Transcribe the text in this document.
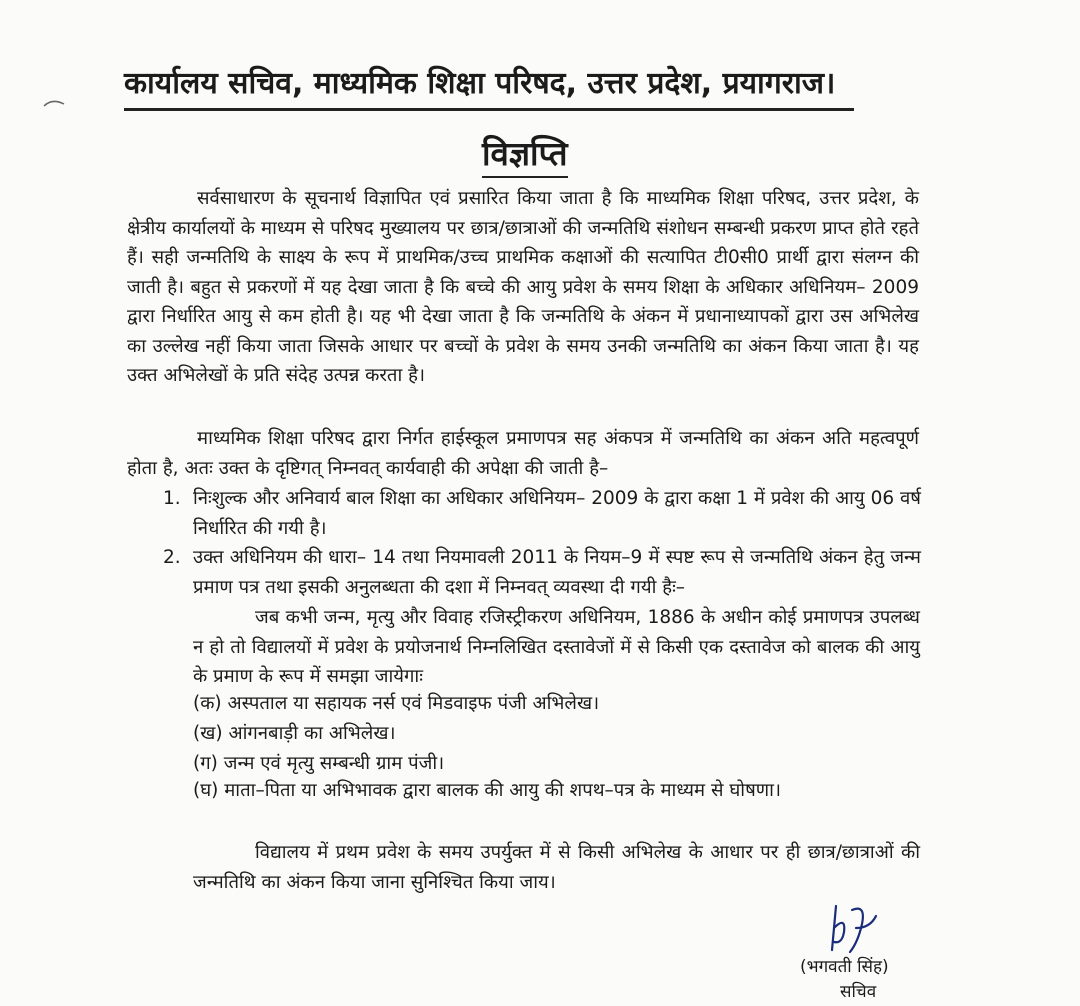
कार्यालय सचिव, माध्यमिक शिक्षा परिषद, उत्तर प्रदेश, प्रयागराज।
विज्ञप्ति
सर्वसाधारण के सूचनार्थ विज्ञापित एवं प्रसारित किया जाता है कि माध्यमिक शिक्षा परिषद, उत्तर प्रदेश, के क्षेत्रीय कार्यालयों के माध्यम से परिषद मुख्यालय पर छात्र/छात्राओं की जन्मतिथि संशोधन सम्बन्धी प्रकरण प्राप्त होते रहते हैं। सही जन्मतिथि के साक्ष्य के रूप में प्राथमिक/उच्च प्राथमिक कक्षाओं की सत्यापित टी0सी0 प्रार्थी द्वारा संलग्न की जाती है। बहुत से प्रकरणों में यह देखा जाता है कि बच्चे की आयु प्रवेश के समय शिक्षा के अधिकार अधिनियम– 2009 द्वारा निर्धारित आयु से कम होती है। यह भी देखा जाता है कि जन्मतिथि के अंकन में प्रधानाध्यापकों द्वारा उस अभिलेख का उल्लेख नहीं किया जाता जिसके आधार पर बच्चों के प्रवेश के समय उनकी जन्मतिथि का अंकन किया जाता है। यह उक्त अभिलेखों के प्रति संदेह उत्पन्न करता है।
माध्यमिक शिक्षा परिषद द्वारा निर्गत हाईस्कूल प्रमाणपत्र सह अंकपत्र में जन्मतिथि का अंकन अति महत्वपूर्ण होता है, अतः उक्त के दृष्टिगत् निम्नवत् कार्यवाही की अपेक्षा की जाती है–
1. निःशुल्क और अनिवार्य बाल शिक्षा का अधिकार अधिनियम– 2009 के द्वारा कक्षा 1 में प्रवेश की आयु 06 वर्ष निर्धारित की गयी है।
2. उक्त अधिनियम की धारा– 14 तथा नियमावली 2011 के नियम–9 में स्पष्ट रूप से जन्मतिथि अंकन हेतु जन्म प्रमाण पत्र तथा इसकी अनुलब्धता की दशा में निम्नवत् व्यवस्था दी गयी हैः–
जब कभी जन्म, मृत्यु और विवाह रजिस्ट्रीकरण अधिनियम, 1886 के अधीन कोई प्रमाणपत्र उपलब्ध न हो तो विद्यालयों में प्रवेश के प्रयोजनार्थ निम्नलिखित दस्तावेजों में से किसी एक दस्तावेज को बालक की आयु के प्रमाण के रूप में समझा जायेगाः
(क) अस्पताल या सहायक नर्स एवं मिडवाइफ पंजी अभिलेख।
(ख) आंगनबाड़ी का अभिलेख।
(ग) जन्म एवं मृत्यु सम्बन्धी ग्राम पंजी।
(घ) माता–पिता या अभिभावक द्वारा बालक की आयु की शपथ–पत्र के माध्यम से घोषणा।
विद्यालय में प्रथम प्रवेश के समय उपर्युक्त में से किसी अभिलेख के आधार पर ही छात्र/छात्राओं की जन्मतिथि का अंकन किया जाना सुनिश्चित किया जाय।
(भगवती सिंह)
सचिव
